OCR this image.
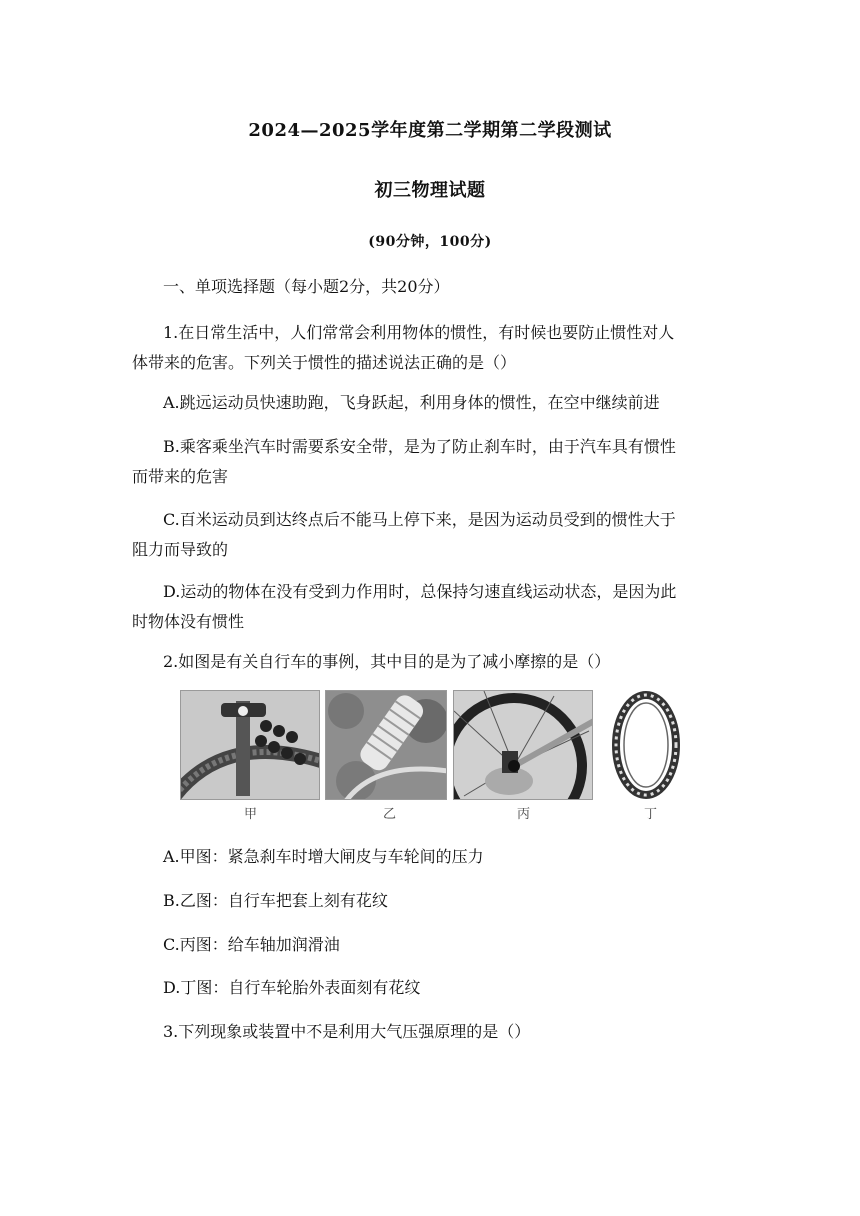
2024—2025学年度第二学期第二学段测试
初三物理试题
(90分钟，100分)
一、单项选择题（每小题2分，共20分）
1.在日常生活中，人们常常会利用物体的惯性，有时候也要防止惯性对人
体带来的危害。下列关于惯性的描述说法正确的是（）
A.跳远运动员快速助跑，飞身跃起，利用身体的惯性，在空中继续前进
B.乘客乘坐汽车时需要系安全带，是为了防止刹车时，由于汽车具有惯性
而带来的危害
C.百米运动员到达终点后不能马上停下来，是因为运动员受到的惯性大于
阻力而导致的
D.运动的物体在没有受到力作用时，总保持匀速直线运动状态，是因为此
时物体没有惯性
2.如图是有关自行车的事例，其中目的是为了减小摩擦的是（）
甲	乙	丙	丁
A.甲图：紧急刹车时增大闸皮与车轮间的压力
B.乙图：自行车把套上刻有花纹
C.丙图：给车轴加润滑油
D.丁图：自行车轮胎外表面刻有花纹
3.下列现象或装置中不是利用大气压强原理的是（）
